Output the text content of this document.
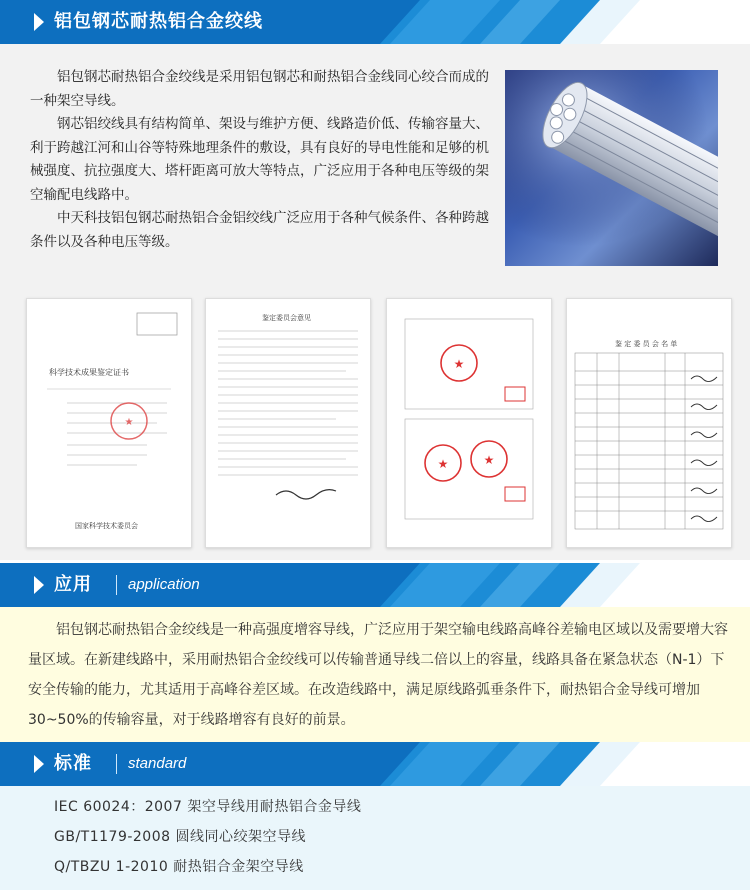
铝包钢芯耐热铝合金绞线

铝包钢芯耐热铝合金绞线是采用铝包钢芯和耐热铝合金线同心绞合而成的一种架空导线。

钢芯铝绞线具有结构简单、架设与维护方便、线路造价低、传输容量大、利于跨越江河和山谷等特殊地理条件的敷设，具有良好的导电性能和足够的机械强度、抗拉强度大、塔杆距离可放大等特点，广泛应用于各种电压等级的架空输配电线路中。

中天科技铝包钢芯耐热铝合金铝绞线广泛应用于各种气候条件、各种跨越条件以及各种电压等级。

★
科学技术成果鉴定证书
国家科学技术委员会
鉴定委员会意见
★
★	★
鉴 定 委 员 会 名 单
应用 application

铝包钢芯耐热铝合金绞线是一种高强度增容导线，广泛应用于架空输电线路高峰谷差输电区域以及需要增大容量区域。在新建线路中，采用耐热铝合金绞线可以传输普通导线二倍以上的容量，线路具备在紧急状态（N-1）下安全传输的能力，尤其适用于高峰谷差区域。在改造线路中，满足原线路弧垂条件下，耐热铝合金导线可增加30~50%的传输容量，对于线路增容有良好的前景。

标准 standard
IEC 60024：2007 架空导线用耐热铝合金导线
GB/T1179-2008 圆线同心绞架空导线
Q/TBZU 1-2010 耐热铝合金架空导线
